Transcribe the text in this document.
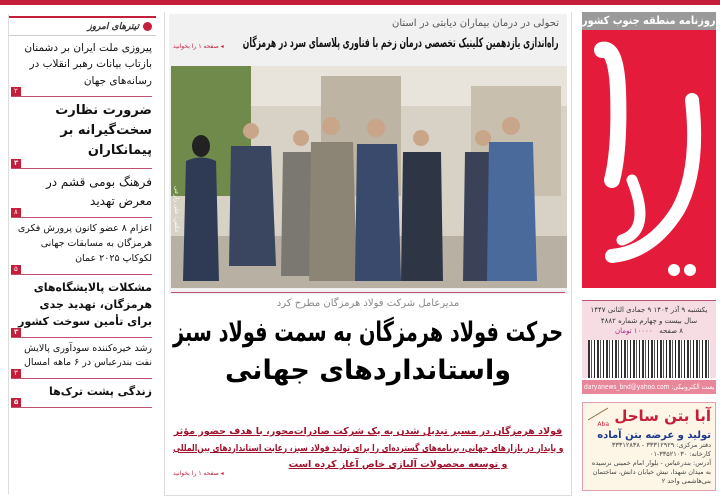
تیترهای امروز
پیروزی ملت ایران بر دشمنان بازتاب بیانات رهبر انقلاب در رسانه‌های جهان
۲
ضرورت نظارت سخت‌گیرانه بر پیمانکاران
۳
فرهنگ بومی قشم در معرض تهدید
۸
اعزام ۸ عضو کانون پرورش فکری هرمزگان به مسابقات جهانی لکوکاپ ۲۰۲۵ عمان
۵
مشکلات پالایشگاه‌های هرمزگان، تهدید جدی برای تأمین سوخت کشور
۳
رشد خیره‌کننده سودآوری پالایش نفت بندرعباس در ۶ ماهه امسال
۳
زندگی پشت ترک‌ها
۵
تحولی در درمان بیماران دیابتی در استان
راه‌اندازی یازدهمین کلینیک تخصصی درمان زخم با فناوری پلاسمای سرد در هرمزگان
◂ صفحه ۱ را بخوانید
عکس: علی زارعی
مدیرعامل شرکت فولاد هرمزگان مطرح کرد
حرکت فولاد هرمزگان به سمت فولاد سبز
واستانداردهای جهانی
فولاد هرمزگان در مسیر تبدیل شدن به یک شرکت صادرات‌محور، با هدف حضور مؤثر
و پایدار در بازارهای جهانی، برنامه‌های گسترده‌ای را برای تولید فولاد سبز، رعایت استانداردهای بین‌المللی
و توسعه محصولات آلیاژی خاص آغاز کرده است
◂ صفحه ۱ را بخوانید
روزنامه منطقه جنوب کشور
یکشنبه ۹ آذر ۱۴۰۴ ۹ جمادی الثانی ۱۴۴۷
سال بیست و چهارم شماره ۴۸۸۲
۸ صفحه   ۱۰۰۰۰ تومان
پست الکترونیکی: daryanews_bnd@yahoo.com
آبا بتن ساحل
Aba
تولید و عرضه بتن آماده
دفتر مرکزی: ۳۳۳۱۲۹۲۹ - ۳۳۳۱۲۸۳۸
کارخانه: ۳۳۵۲۱۰۳۰-۰۱
آدرس: بندرعباس - بلوار امام خمینی نرسیده به میدان شهدا، نبش خیابان دانش، ساختمان بنی‌هاشمی واحد ۲
